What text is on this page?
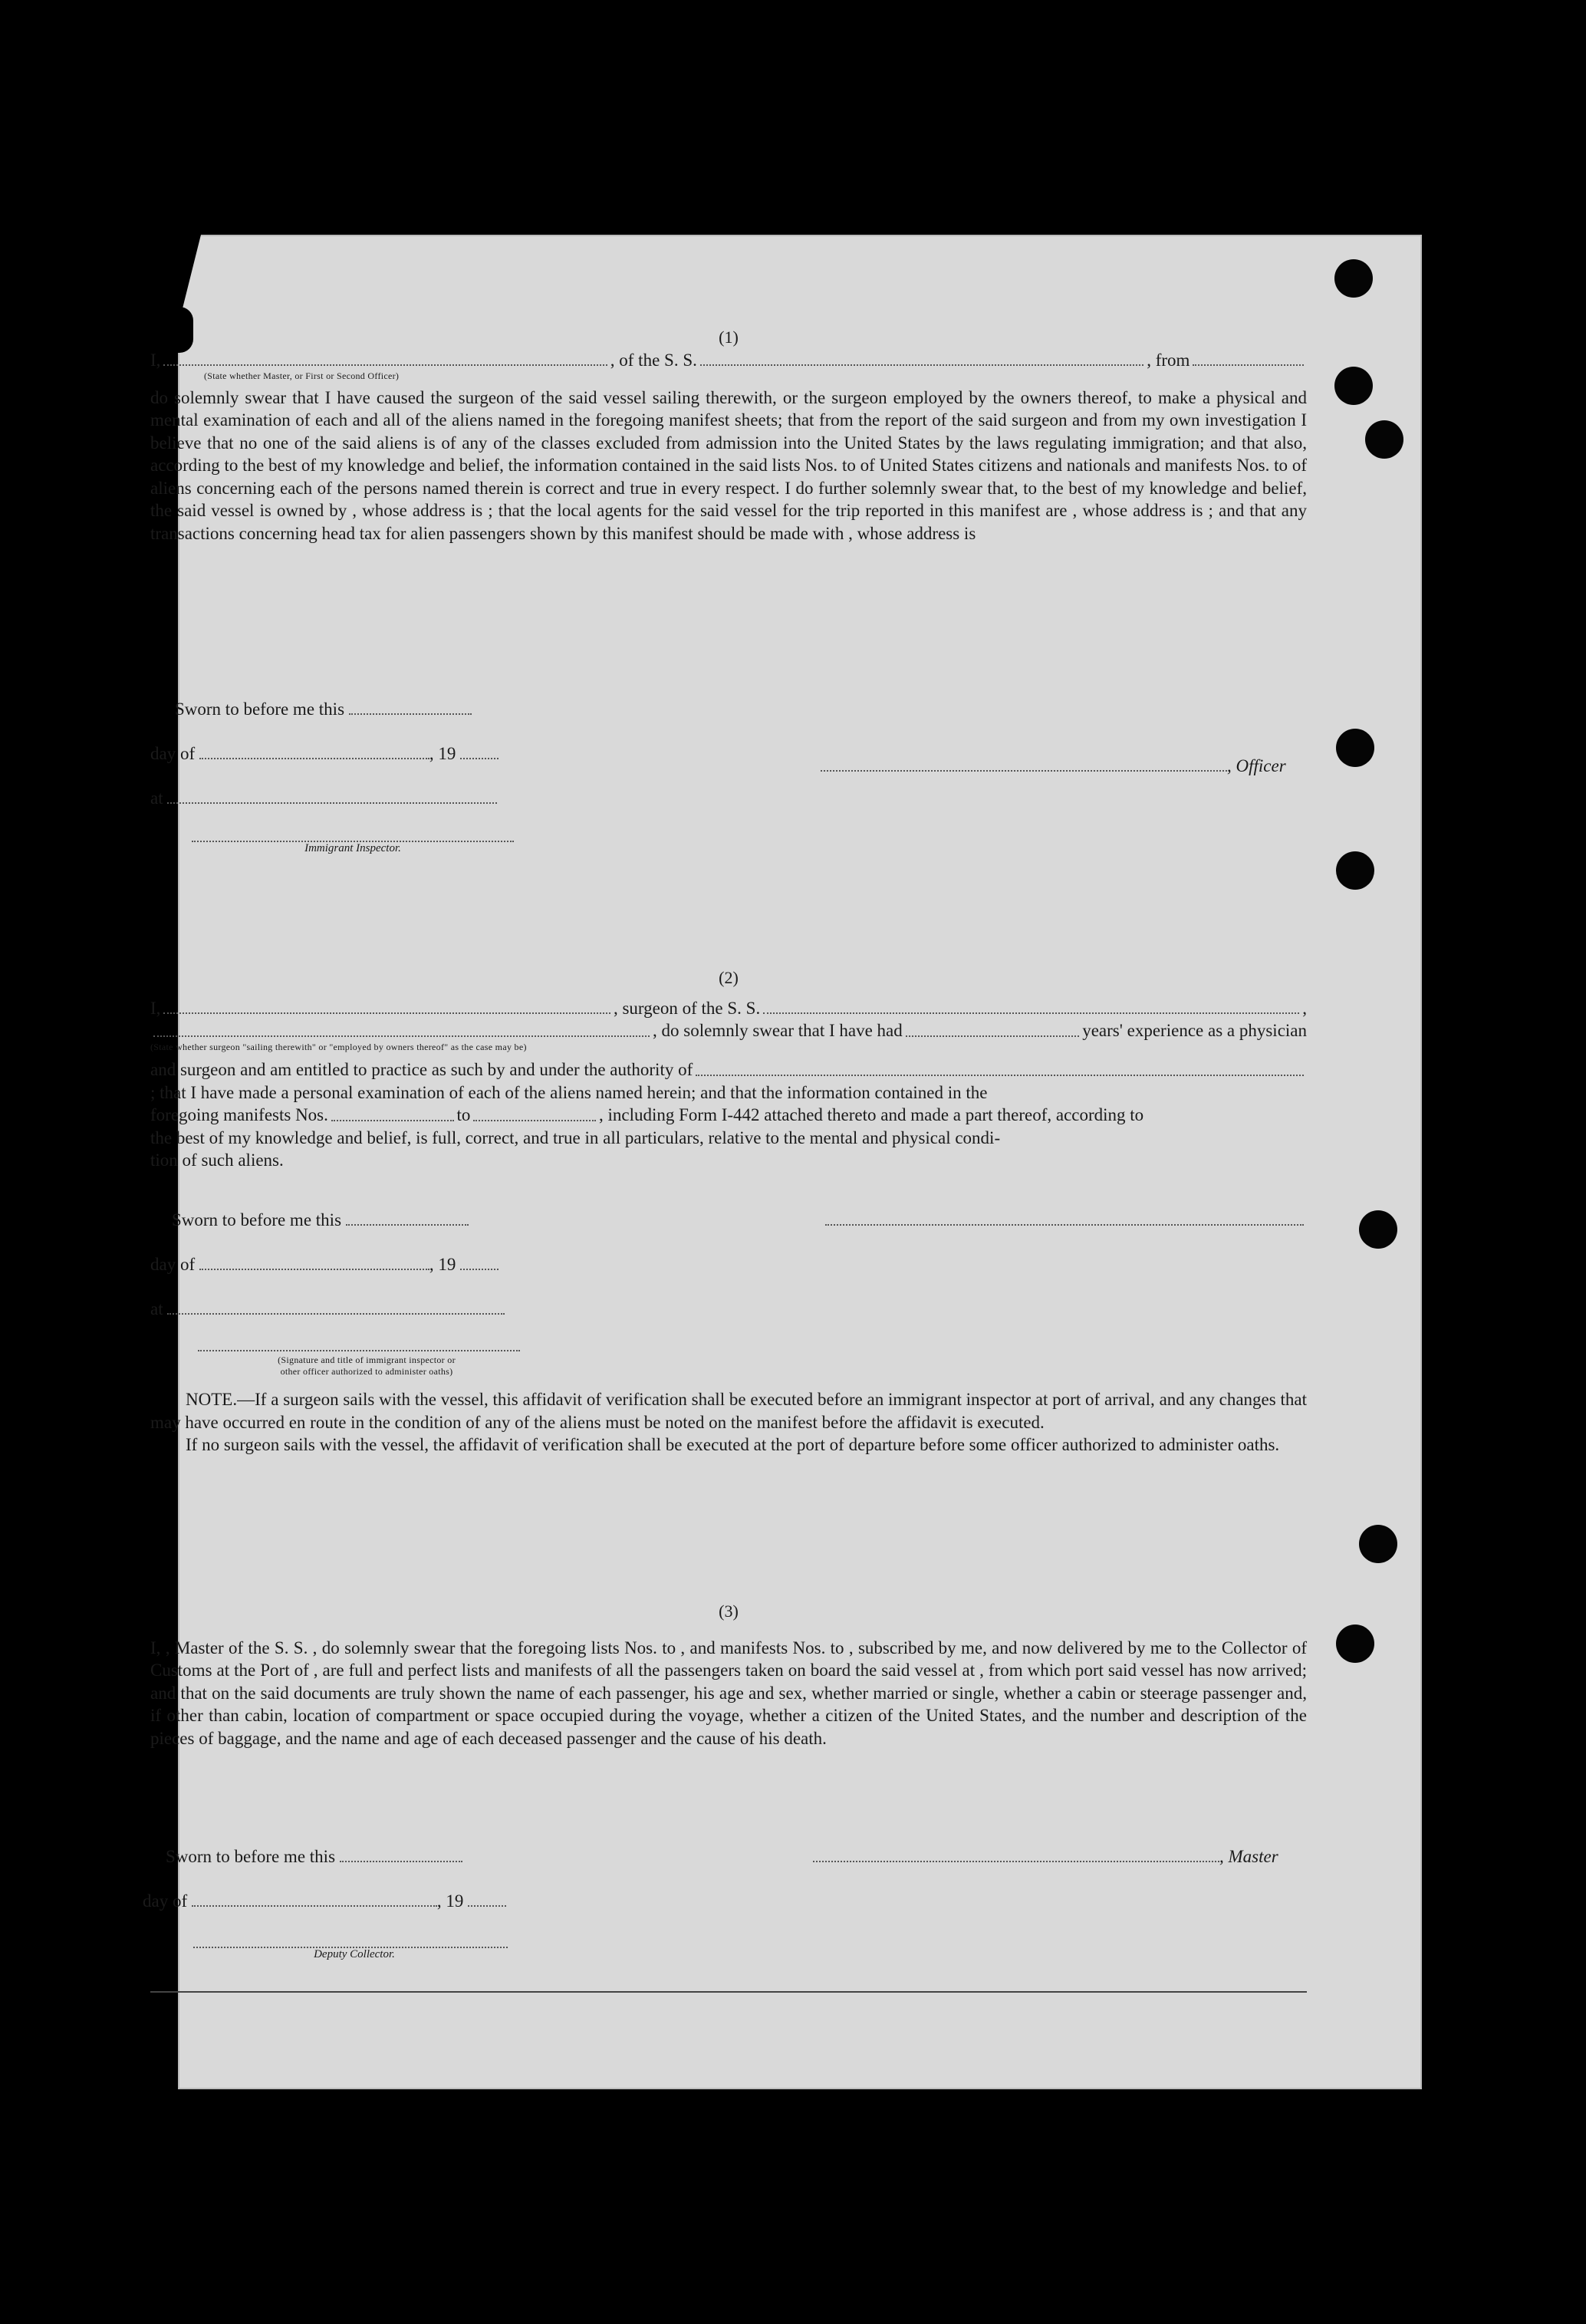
(1)
I,	, of the S. S.	, from
(State whether Master, or First or Second Officer)
do solemnly swear that I have caused the surgeon of the said vessel sailing therewith, or the surgeon employed by the owners thereof, to make a physical and mental examination of each and all of the aliens named in the foregoing manifest sheets; that from the report of the said surgeon and from my own investigation I believe that no one of the said aliens is of any of the classes excluded from admission into the United States by the laws regulating immigration; and that also, according to the best of my knowledge and belief, the information contained in the said lists Nos. to of United States citizens and nationals and manifests Nos. to of aliens concerning each of the persons named therein is correct and true in every respect. I do further solemnly swear that, to the best of my knowledge and belief, the said vessel is owned by , whose address is ; that the local agents for the said vessel for the trip reported in this manifest are , whose address is ; and that any transactions concerning head tax for alien passengers shown by this manifest should be made with , whose address is
Sworn to before me this
day of	, 19
at
Immigrant Inspector.
, Officer
(2)
I,	, surgeon of the S. S.	,
, do solemnly swear that I have had	years' experience as a physician
(State whether surgeon "sailing therewith" or "employed by owners thereof" as the case may be)
and surgeon and am entitled to practice as such by and under the authority of
; that I have made a personal examination of each of the aliens named herein; and that the information contained in the
foregoing manifests Nos.	to	, including Form I-442 attached thereto and made a part thereof, according to
the best of my knowledge and belief, is full, correct, and true in all particulars, relative to the mental and physical condi-
tion of such aliens.
Sworn to before me this
day of	, 19
at
(Signature and title of immigrant inspector or
other officer authorized to administer oaths)
NOTE.—If a surgeon sails with the vessel, this affidavit of verification shall be executed before an immigrant inspector at port of arrival, and any changes that may have occurred en route in the condition of any of the aliens must be noted on the manifest before the affidavit is executed.
If no surgeon sails with the vessel, the affidavit of verification shall be executed at the port of departure before some officer authorized to administer oaths.
(3)
I, , Master of the S. S. , do solemnly swear that the foregoing lists Nos. to , and manifests Nos. to , subscribed by me, and now delivered by me to the Collector of Customs at the Port of , are full and perfect lists and manifests of all the passengers taken on board the said vessel at , from which port said vessel has now arrived; and that on the said documents are truly shown the name of each passenger, his age and sex, whether married or single, whether a cabin or steerage passenger and, if other than cabin, location of compartment or space occupied during the voyage, whether a citizen of the United States, and the number and description of the pieces of baggage, and the name and age of each deceased passenger and the cause of his death.
Sworn to before me this
day of	, 19
Deputy Collector.
, Master
